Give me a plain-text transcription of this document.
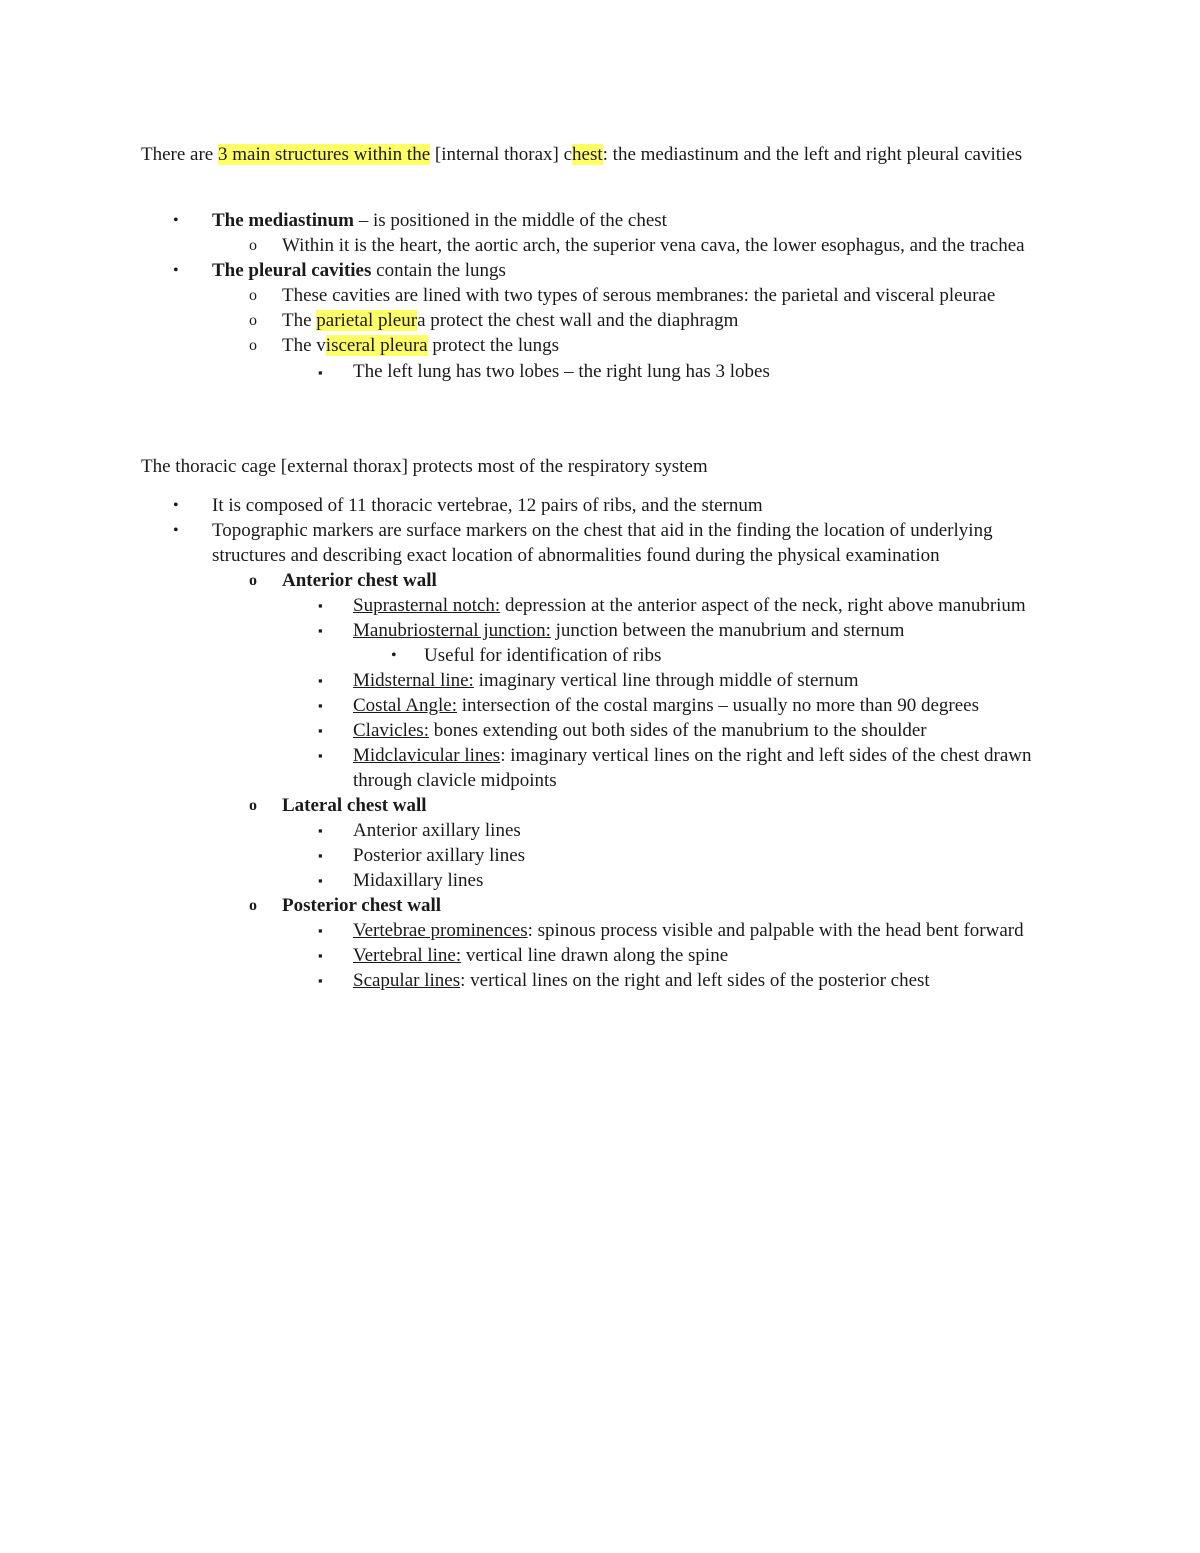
There are 3 main structures within the [internal thorax] chest: the mediastinum and the left and right pleural cavities

• The mediastinum – is positioned in the middle of the chest
o Within it is the heart, the aortic arch, the superior vena cava, the lower esophagus, and the trachea
• The pleural cavities contain the lungs
o These cavities are lined with two types of serous membranes: the parietal and visceral pleurae
o The parietal pleura protect the chest wall and the diaphragm
o The visceral pleura protect the lungs
▪ The left lung has two lobes – the right lung has 3 lobes

The thoracic cage [external thorax] protects most of the respiratory system

• It is composed of 11 thoracic vertebrae, 12 pairs of ribs, and the sternum
• Topographic markers are surface markers on the chest that aid in the finding the location of underlying structures and describing exact location of abnormalities found during the physical examination
o Anterior chest wall
▪ Suprasternal notch: depression at the anterior aspect of the neck, right above manubrium
▪ Manubriosternal junction: junction between the manubrium and sternum
• Useful for identification of ribs
▪ Midsternal line: imaginary vertical line through middle of sternum
▪ Costal Angle: intersection of the costal margins – usually no more than 90 degrees
▪ Clavicles: bones extending out both sides of the manubrium to the shoulder
▪ Midclavicular lines: imaginary vertical lines on the right and left sides of the chest drawn through clavicle midpoints
o Lateral chest wall
▪ Anterior axillary lines
▪ Posterior axillary lines
▪ Midaxillary lines
o Posterior chest wall
▪ Vertebrae prominences: spinous process visible and palpable with the head bent forward
▪ Vertebral line: vertical line drawn along the spine
▪ Scapular lines: vertical lines on the right and left sides of the posterior chest
